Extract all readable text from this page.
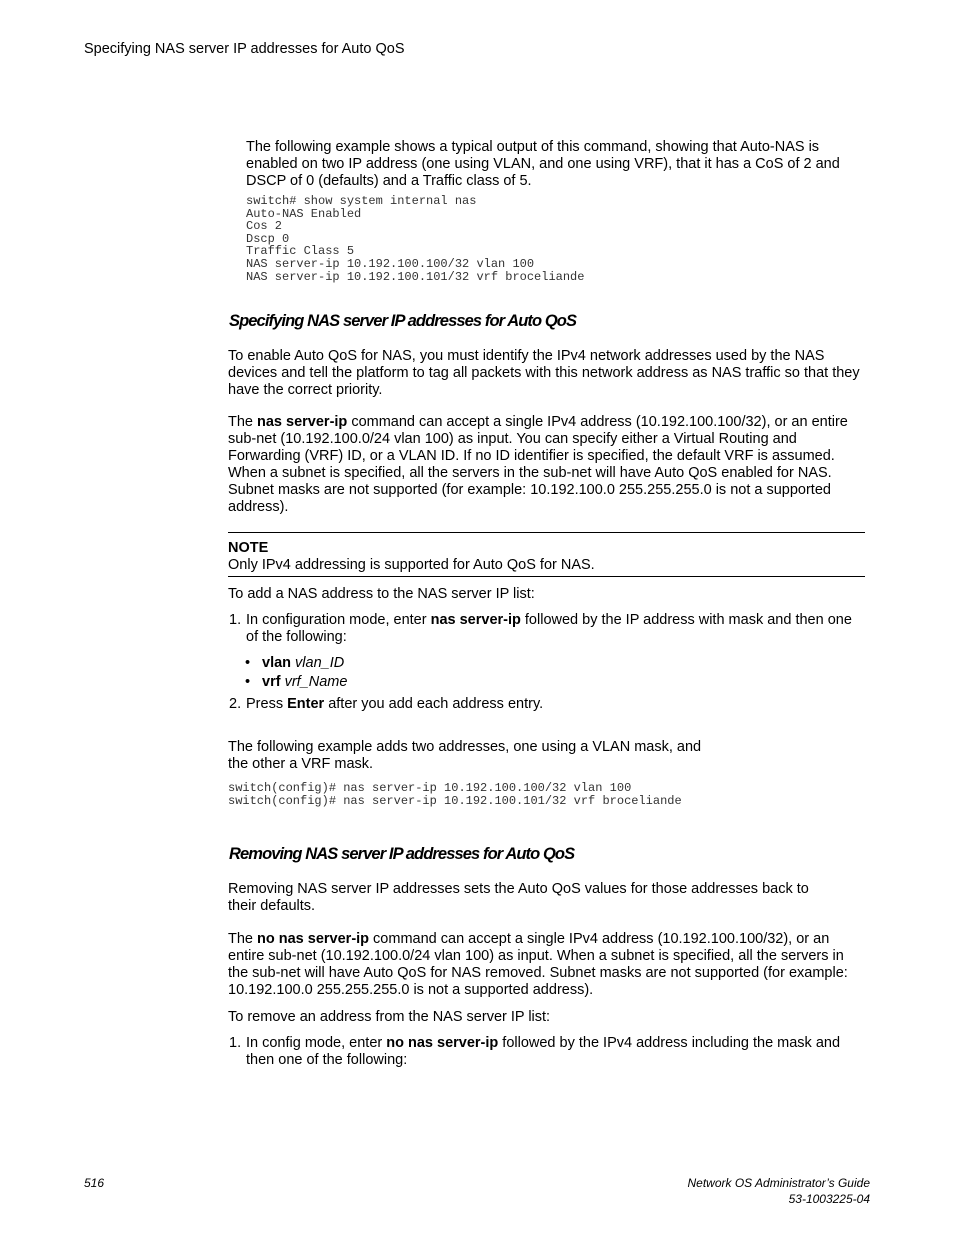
Specifying NAS server IP addresses for Auto QoS
The following example shows a typical output of this command, showing that Auto-NAS is enabled on two IP address (one using VLAN, and one using VRF), that it has a CoS of 2 and DSCP of 0 (defaults) and a Traffic class of 5.
switch# show system internal nas
Auto-NAS Enabled
Cos 2
Dscp 0
Traffic Class 5
NAS server-ip 10.192.100.100/32 vlan 100
NAS server-ip 10.192.100.101/32 vrf broceliande
Specifying NAS server IP addresses for Auto QoS
To enable Auto QoS for NAS, you must identify the IPv4 network addresses used by the NAS devices and tell the platform to tag all packets with this network address as NAS traffic so that they have the correct priority.
The nas server-ip command can accept a single IPv4 address (10.192.100.100/32), or an entire sub-net (10.192.100.0/24 vlan 100) as input. You can specify either a Virtual Routing and Forwarding (VRF) ID, or a VLAN ID. If no ID identifier is specified, the default VRF is assumed. When a subnet is specified, all the servers in the sub-net will have Auto QoS enabled for NAS. Subnet masks are not supported (for example: 10.192.100.0 255.255.255.0 is not a supported address).
NOTE
Only IPv4 addressing is supported for Auto QoS for NAS.
To add a NAS address to the NAS server IP list:
1. In configuration mode, enter nas server-ip followed by the IP address with mask and then one of the following:
• vlan vlan_ID
• vrf vrf_Name
2. Press Enter after you add each address entry.
The following example adds two addresses, one using a VLAN mask, and the other a VRF mask.
switch(config)# nas server-ip 10.192.100.100/32 vlan 100
switch(config)# nas server-ip 10.192.100.101/32 vrf broceliande
Removing NAS server IP addresses for Auto QoS
Removing NAS server IP addresses sets the Auto QoS values for those addresses back to their defaults.
The no nas server-ip command can accept a single IPv4 address (10.192.100.100/32), or an entire sub-net (10.192.100.0/24 vlan 100) as input. When a subnet is specified, all the servers in the sub-net will have Auto QoS for NAS removed. Subnet masks are not supported (for example: 10.192.100.0 255.255.255.0 is not a supported address).
To remove an address from the NAS server IP list:
1. In config mode, enter no nas server-ip followed by the IPv4 address including the mask and then one of the following:
516	Network OS Administrator’s Guide
53-1003225-04
